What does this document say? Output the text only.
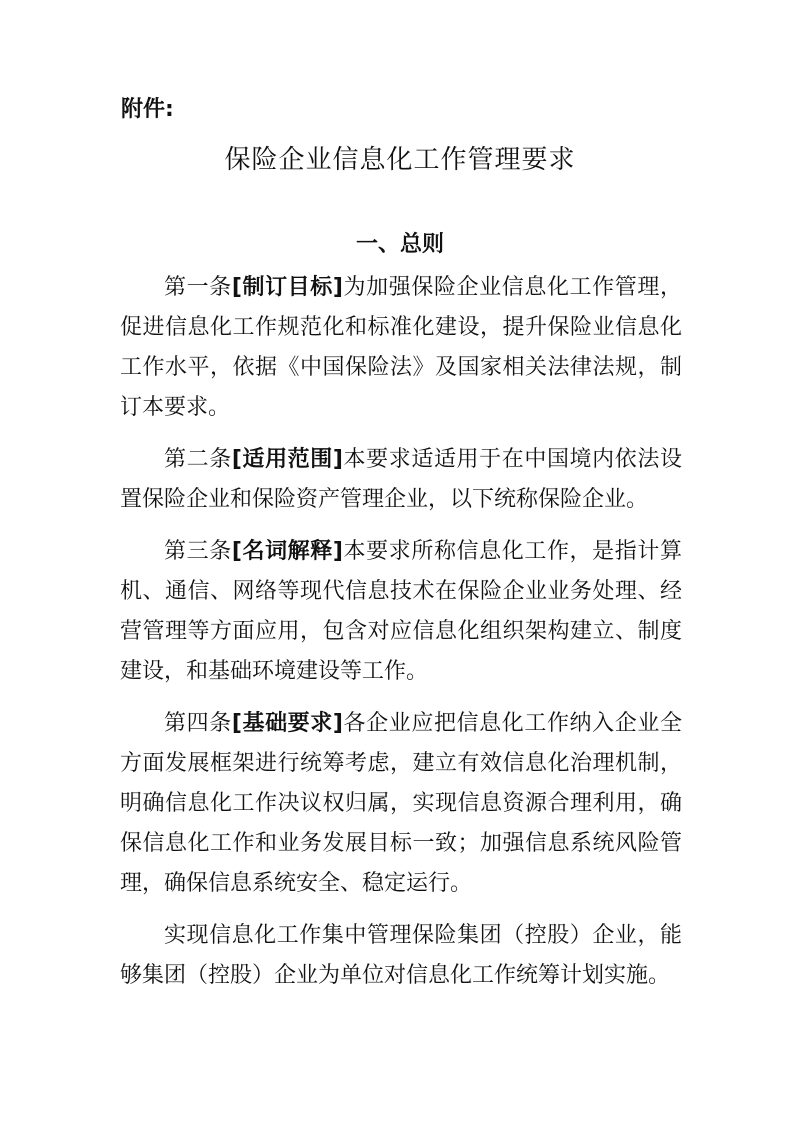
附件:
保险企业信息化工作管理要求
一、总则

第一条[制订目标]为加强保险企业信息化工作管理，促进信息化工作规范化和标准化建设，提升保险业信息化工作水平，依据《中国保险法》及国家相关法律法规，制订本要求。

第二条[适用范围]本要求适适用于在中国境内依法设置保险企业和保险资产管理企业，以下统称保险企业。

第三条[名词解释]本要求所称信息化工作，是指计算机、通信、网络等现代信息技术在保险企业业务处理、经营管理等方面应用，包含对应信息化组织架构建立、制度建设，和基础环境建设等工作。

第四条[基础要求]各企业应把信息化工作纳入企业全方面发展框架进行统筹考虑，建立有效信息化治理机制，明确信息化工作决议权归属，实现信息资源合理利用，确保信息化工作和业务发展目标一致；加强信息系统风险管理，确保信息系统安全、稳定运行。

实现信息化工作集中管理保险集团（控股）企业，能够集团（控股）企业为单位对信息化工作统筹计划实施。
